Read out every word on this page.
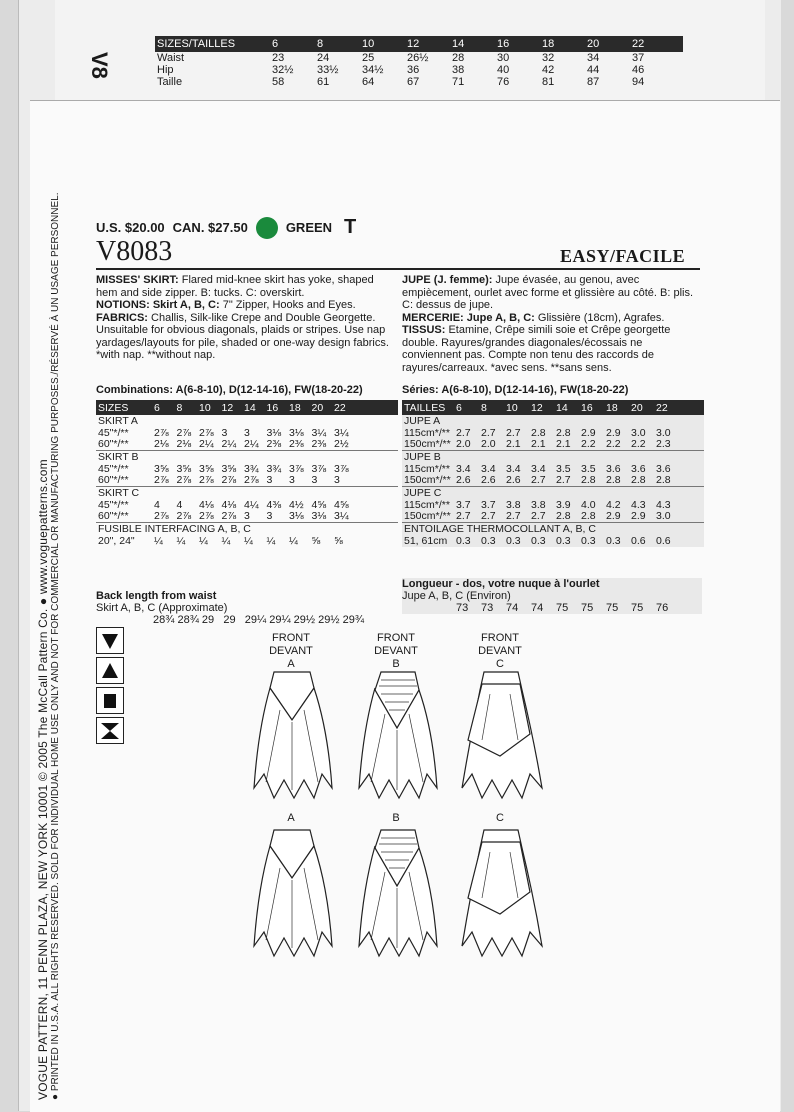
SIZES/TAILLES	6	8	10	12	14	16	18	20	22
Waist	23	24	25	26½	28	30	32	34	37
Hip	32½	33½	34½	36	38	40	42	44	46
Taille	58	61	64	67	71	76	81	87	94
V8
VOGUE PATTERN, 11 PENN PLAZA, NEW YORK 10001 © 2005 The McCall Pattern Co. ● www.voguepatterns.com ● PRINTED IN U.S.A. ALL RIGHTS RESERVED. SOLD FOR INDIVIDUAL HOME USE ONLY AND NOT FOR COMMERCIAL OR MANUFACTURING PURPOSES./RÉSERVÉ À UN USAGE PERSONNEL.	U.S. $20.00 CAN. $27.50	GREEN T
V8083	EASY/FACILE
MISSES' SKIRT: Flared mid-knee skirt has yoke, shaped hem and side zipper. B: tucks. C: overskirt.
NOTIONS: Skirt A, B, C: 7" Zipper, Hooks and Eyes.
FABRICS: Challis, Silk-like Crepe and Double Georgette. Unsuitable for obvious diagonals, plaids or stripes. Use nap yardages/layouts for pile, shaded or one-way design fabrics. *with nap. **without nap.
JUPE (J. femme): Jupe évasée, au genou, avec empiècement, ourlet avec forme et glissière au côté. B: plis. C: dessus de jupe.
MERCERIE: Jupe A, B, C: Glissière (18cm), Agrafes.
TISSUS: Etamine, Crêpe simili soie et Crêpe georgette double. Rayures/grandes diagonales/écossais ne conviennent pas. Compte non tenu des raccords de rayures/carreaux. *avec sens. **sans sens.
Combinations: A(6-8-10), D(12-14-16), FW(18-20-22)	Séries: A(6-8-10), D(12-14-16), FW(18-20-22)
SIZES	6	8	10	12	14	16	18	20	22
SKIRT A
45"*/**	2⅞ 2⅞ 2⅞ 3	3	3⅛ 3⅛ 3¼ 3¼
60"*/**	2⅛ 2⅛ 2¼ 2¼ 2¼ 2⅜ 2⅜ 2⅜ 2½
SKIRT B
45"*/**	3⅝ 3⅝ 3⅝ 3⅝ 3¾ 3¾ 3⅞ 3⅞ 3⅞
60"*/**	2⅞ 2⅞ 2⅞ 2⅞ 2⅞ 3	3	3	3
SKIRT C
45"*/**	4	4	4⅛ 4⅛ 4¼ 4⅜ 4½ 4⅝ 4⅝
60"*/**	2⅞ 2⅞ 2⅞ 2⅞ 3	3	3⅛ 3⅛ 3¼
FUSIBLE INTERFACING A, B, C
20", 24"	¼	¼	¼	¼	¼	¼	¼	⅝	⅝
TAILLES	6	8	10	12	14	16	18	20	22
JUPE A
115cm*/** 2.7 2.7 2.7 2.8 2.8 2.9 2.9 3.0 3.0
150cm*/** 2.0 2.0 2.1 2.1 2.1 2.2 2.2 2.2 2.3
JUPE B
115cm*/** 3.4 3.4 3.4 3.4 3.5 3.5 3.6 3.6 3.6
150cm*/** 2.6 2.6 2.6 2.7 2.7 2.8 2.8 2.8 2.8
JUPE C
115cm*/** 3.7 3.7 3.8 3.8 3.9 4.0 4.2 4.3 4.3
150cm*/** 2.7 2.7 2.7 2.7 2.8 2.8 2.9 2.9 3.0
ENTOILAGE THERMOCOLLANT A, B, C
51, 61cm 0.3 0.3 0.3 0.3 0.3 0.3 0.3 0.6 0.6
Back length from waist
Skirt A, B, C (Approximate)
28¾ 28¾ 29   29   29¼ 29¼ 29½ 29½ 29¾
Longueur - dos, votre nuque à l'ourlet
Jupe A, B, C (Environ)

73	73	74	74	75	75	75	75	76
FRONT
DEVANT
A
FRONT
DEVANT
B
FRONT
DEVANT
C
A	B	C
